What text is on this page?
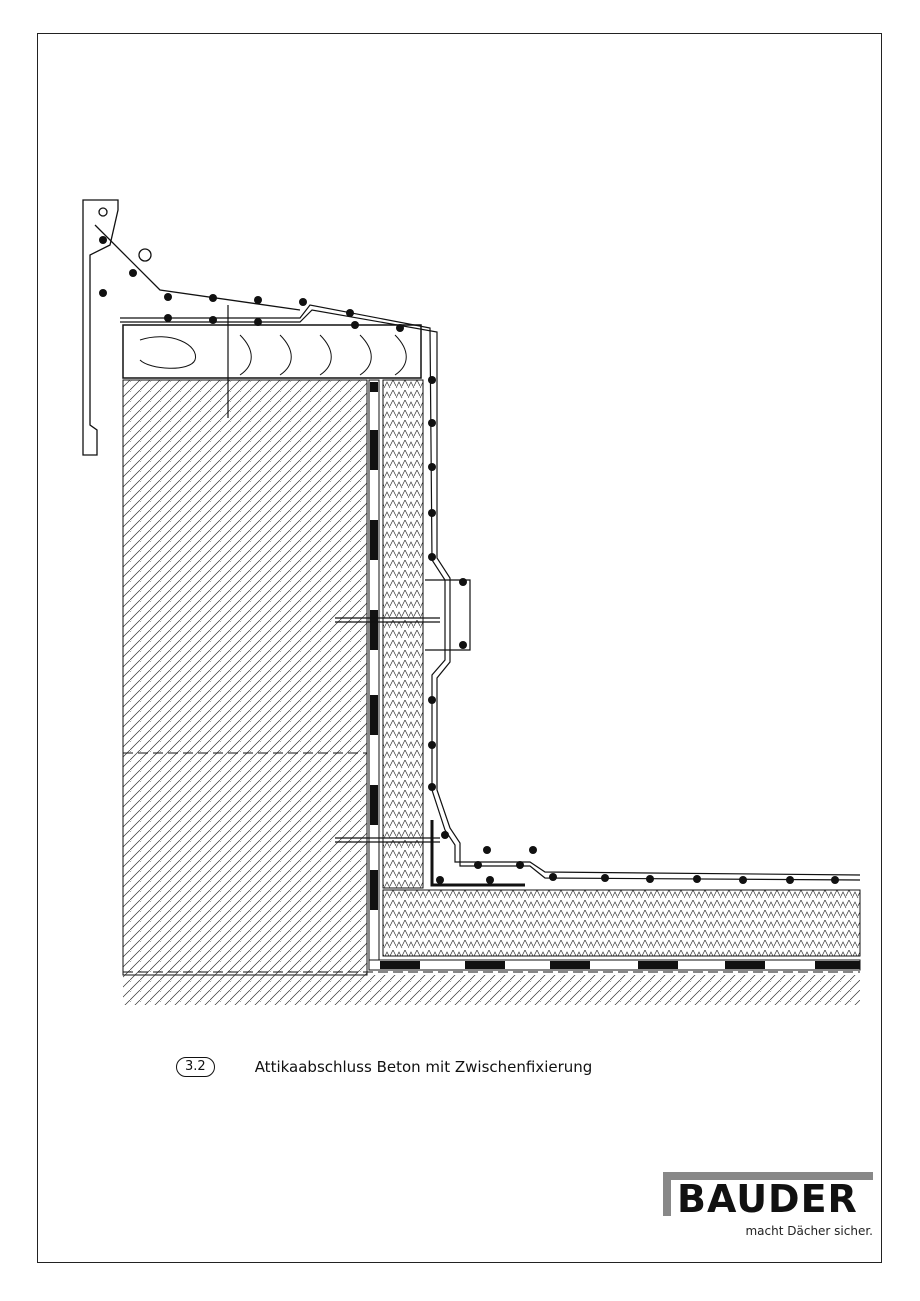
3.2	Attikaabschluss Beton mit Zwischenfixierung
BAUDER
macht Dächer sicher.
